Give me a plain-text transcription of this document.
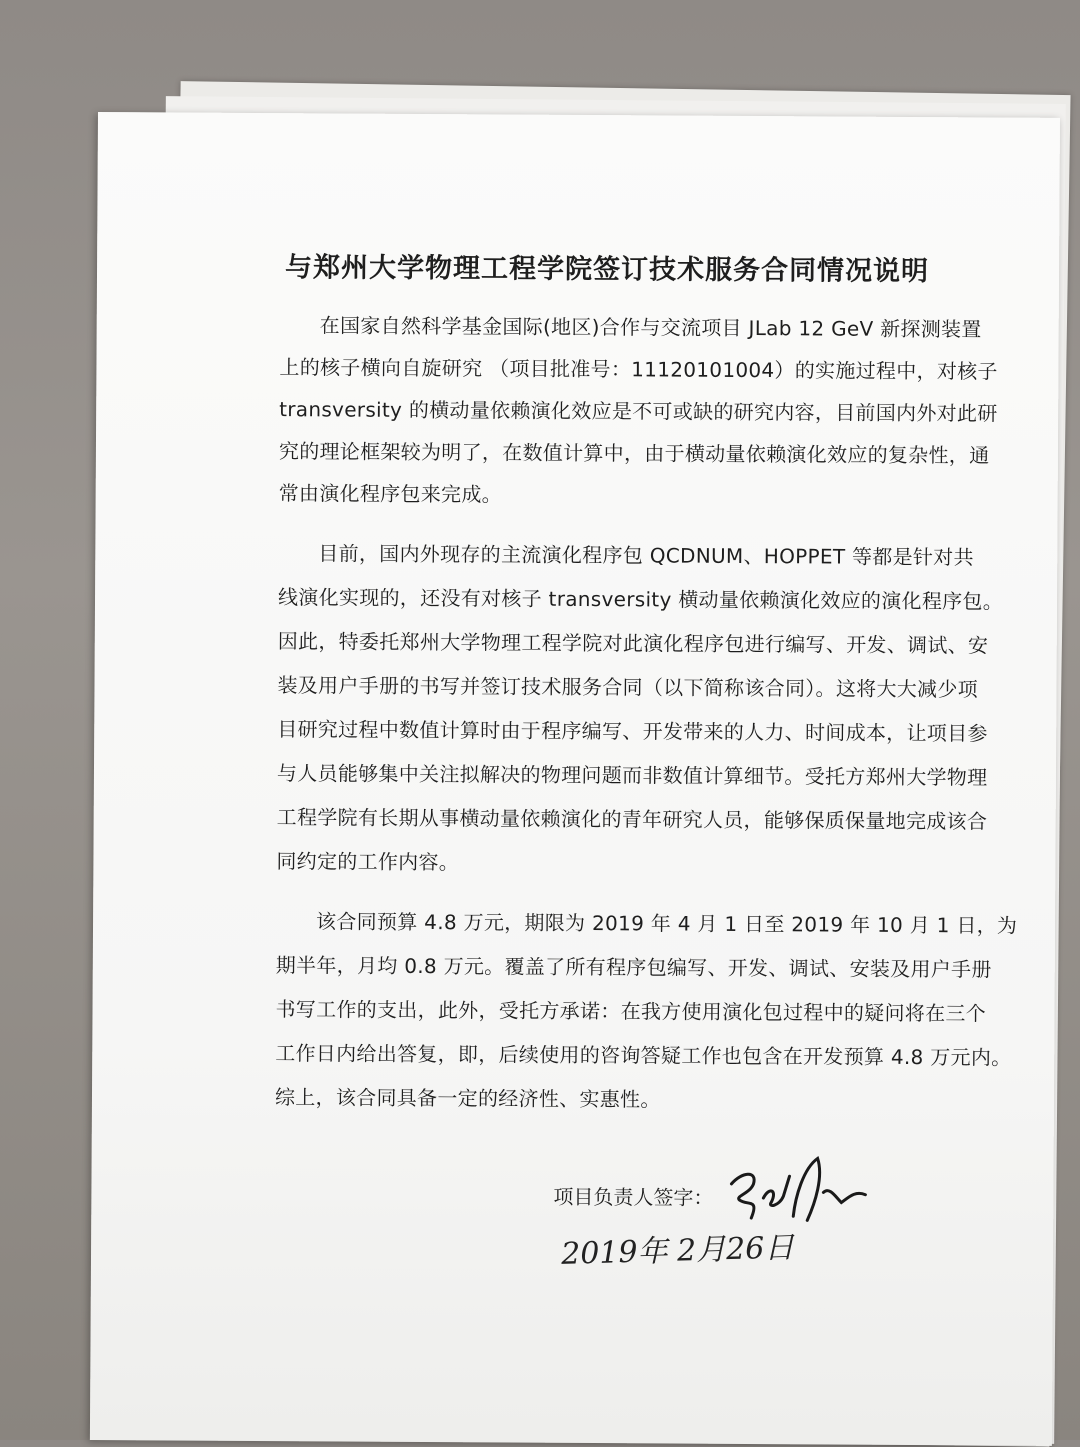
与郑州大学物理工程学院签订技术服务合同情况说明
在国家自然科学基金国际(地区)合作与交流项目 JLab 12 GeV 新探测装置
上的核子横向自旋研究 （项目批准号：11120101004）的实施过程中，对核子
transversity 的横动量依赖演化效应是不可或缺的研究内容，目前国内外对此研
究的理论框架较为明了，在数值计算中，由于横动量依赖演化效应的复杂性，通
常由演化程序包来完成。
目前，国内外现存的主流演化程序包 QCDNUM、HOPPET 等都是针对共
线演化实现的，还没有对核子 transversity 横动量依赖演化效应的演化程序包。
因此，特委托郑州大学物理工程学院对此演化程序包进行编写、开发、调试、安
装及用户手册的书写并签订技术服务合同（以下简称该合同）。这将大大减少项
目研究过程中数值计算时由于程序编写、开发带来的人力、时间成本，让项目参
与人员能够集中关注拟解决的物理问题而非数值计算细节。受托方郑州大学物理
工程学院有长期从事横动量依赖演化的青年研究人员，能够保质保量地完成该合
同约定的工作内容。
该合同预算 4.8 万元，期限为 2019 年 4 月 1 日至 2019 年 10 月 1 日，为
期半年，月均 0.8 万元。覆盖了所有程序包编写、开发、调试、安装及用户手册
书写工作的支出，此外，受托方承诺：在我方使用演化包过程中的疑问将在三个
工作日内给出答复，即，后续使用的咨询答疑工作也包含在开发预算 4.8 万元内。
综上，该合同具备一定的经济性、实惠性。
项目负责人签字：
2019年 2月26日
